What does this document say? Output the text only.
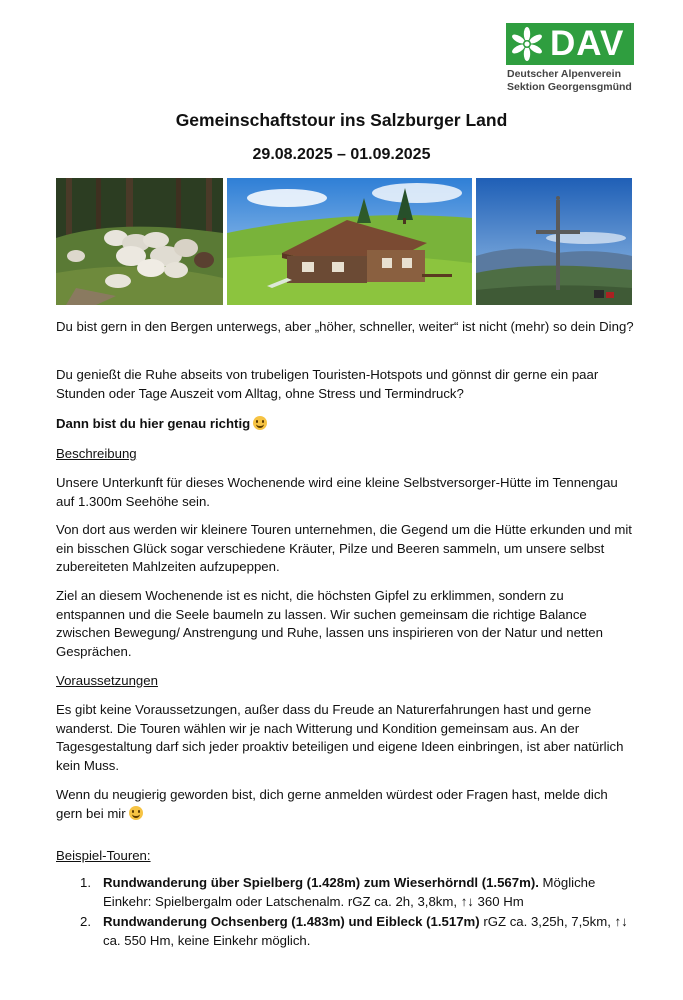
DAV
Deutscher Alpenverein
Sektion Georgensgmünd
Gemeinschaftstour ins Salzburger Land
29.08.2025 – 01.09.2025
Du bist gern in den Bergen unterwegs, aber „höher, schneller, weiter“ ist nicht (mehr) so dein Ding?
Du genießt die Ruhe abseits von trubeligen Touristen-Hotspots und gönnst dir gerne ein paar Stunden oder Tage Auszeit vom Alltag, ohne Stress und Termindruck?
Dann bist du hier genau richtig
Beschreibung
Unsere Unterkunft für dieses Wochenende wird eine kleine Selbstversorger-Hütte im Tennengau auf 1.300m Seehöhe sein.
Von dort aus werden wir kleinere Touren unternehmen, die Gegend um die Hütte erkunden und mit ein bisschen Glück sogar verschiedene Kräuter, Pilze und Beeren sammeln, um unsere selbst zubereiteten Mahlzeiten aufzupeppen.
Ziel an diesem Wochenende ist es nicht, die höchsten Gipfel zu erklimmen, sondern zu entspannen und die Seele baumeln zu lassen. Wir suchen gemeinsam die richtige Balance zwischen Bewegung/ Anstrengung und Ruhe, lassen uns inspirieren von der Natur und netten Gesprächen.
Voraussetzungen
Es gibt keine Voraussetzungen, außer dass du Freude an Naturerfahrungen hast und gerne wanderst. Die Touren wählen wir je nach Witterung und Kondition gemeinsam aus. An der Tagesgestaltung darf sich jeder proaktiv beteiligen und eigene Ideen einbringen, ist aber natürlich kein Muss.
Wenn du neugierig geworden bist, dich gerne anmelden würdest oder Fragen hast, melde dich gern bei mir
Beispiel-Touren:
1. Rundwanderung über Spielberg (1.428m) zum Wieserhörndl (1.567m). Mögliche Einkehr: Spielbergalm oder Latschenalm. rGZ ca. 2h, 3,8km, ↑↓ 360 Hm
2. Rundwanderung Ochsenberg (1.483m) und Eibleck (1.517m) rGZ ca. 3,25h, 7,5km, ↑↓ ca. 550 Hm, keine Einkehr möglich.
